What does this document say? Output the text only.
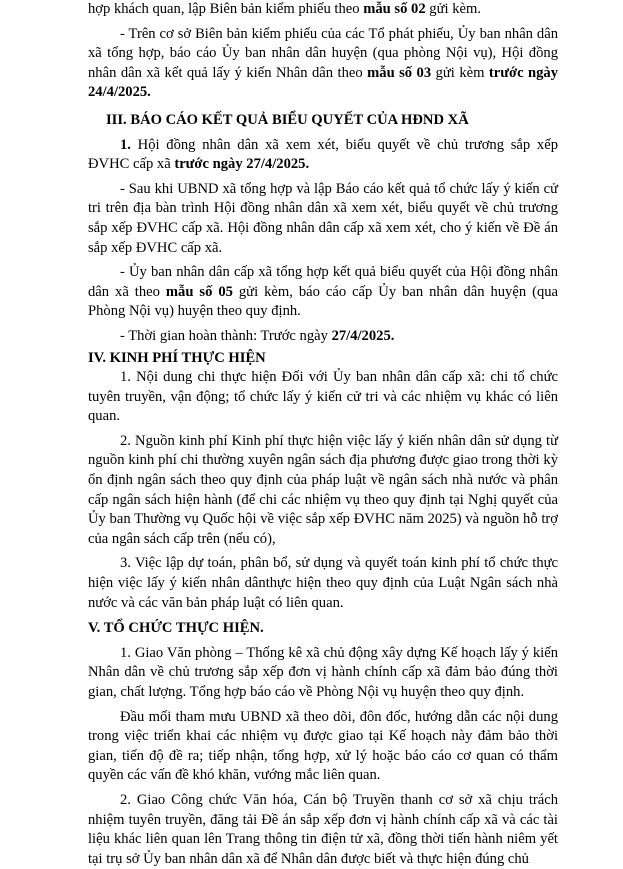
hợp khách quan, lập Biên bản kiểm phiếu theo mẫu số 02 gửi kèm.

- Trên cơ sở Biên bản kiểm phiếu của các Tổ phát phiếu, Ủy ban nhân dân xã tổng hợp, báo cáo Ủy ban nhân dân huyện (qua phòng Nội vụ), Hội đồng nhân dân xã kết quả lấy ý kiến Nhân dân theo mẫu số 03 gửi kèm trước ngày 24/4/2025.

III. BÁO CÁO KẾT QUẢ BIỂU QUYẾT CỦA HĐND XÃ

1. Hội đồng nhân dân xã xem xét, biểu quyết về chủ trương sắp xếp ĐVHC cấp xã trước ngày 27/4/2025.

- Sau khi UBND xã tổng hợp và lập Báo cáo kết quả tổ chức lấy ý kiến cử tri trên địa bàn trình Hội đồng nhân dân xã xem xét, biểu quyết về chủ trương sắp xếp ĐVHC cấp xã. Hội đồng nhân dân cấp xã xem xét, cho ý kiến về Đề án sắp xếp ĐVHC cấp xã.

- Ủy ban nhân dân cấp xã tổng hợp kết quả biểu quyết của Hội đồng nhân dân xã theo mẫu số 05 gửi kèm, báo cáo cấp Ủy ban nhân dân huyện (qua Phòng Nội vụ) huyện theo quy định.

- Thời gian hoàn thành: Trước ngày 27/4/2025.

IV. KINH PHÍ THỰC HIỆN

1. Nội dung chi thực hiện Đối với Ủy ban nhân dân cấp xã: chi tổ chức tuyên truyền, vận động; tổ chức lấy ý kiến cử tri và các nhiệm vụ khác có liên quan.

2. Nguồn kinh phí Kinh phí thực hiện việc lấy ý kiến nhân dân sử dụng từ nguồn kinh phí chi thường xuyên ngân sách địa phương được giao trong thời kỳ ổn định ngân sách theo quy định của pháp luật về ngân sách nhà nước và phân cấp ngân sách hiện hành (để chi các nhiệm vụ theo quy định tại Nghị quyết của Ủy ban Thường vụ Quốc hội về việc sắp xếp ĐVHC năm 2025) và nguồn hỗ trợ của ngân sách cấp trên (nếu có),

3. Việc lập dự toán, phân bổ, sử dụng và quyết toán kinh phí tổ chức thực hiện việc lấy ý kiến nhân dânthực hiện theo quy định của Luật Ngân sách nhà nước và các văn bản pháp luật có liên quan.

V. TỔ CHỨC THỰC HIỆN.

1. Giao Văn phòng – Thống kê xã chủ động xây dựng Kế hoạch lấy ý kiến Nhân dân về chủ trương sắp xếp đơn vị hành chính cấp xã đảm bảo đúng thời gian, chất lượng. Tổng hợp báo cáo về Phòng Nội vụ huyện theo quy định.

Đầu mối tham mưu UBND xã theo dõi, đôn đốc, hướng dẫn các nội dung trong việc triển khai các nhiệm vụ được giao tại Kế hoạch này đảm bảo thời gian, tiến độ đề ra; tiếp nhận, tổng hợp, xử lý hoặc báo cáo cơ quan có thẩm quyền các vấn đề khó khăn, vướng mắc liên quan.

2. Giao Công chức Văn hóa, Cán bộ Truyền thanh cơ sở xã chịu trách nhiệm tuyên truyền, đăng tải Đề án sắp xếp đơn vị hành chính cấp xã và các tài liệu khác liên quan lên Trang thông tin điện tử xã, đồng thời tiến hành niêm yết tại trụ sở Ủy ban nhân dân xã để Nhân dân được biết và thực hiện đúng chủ
